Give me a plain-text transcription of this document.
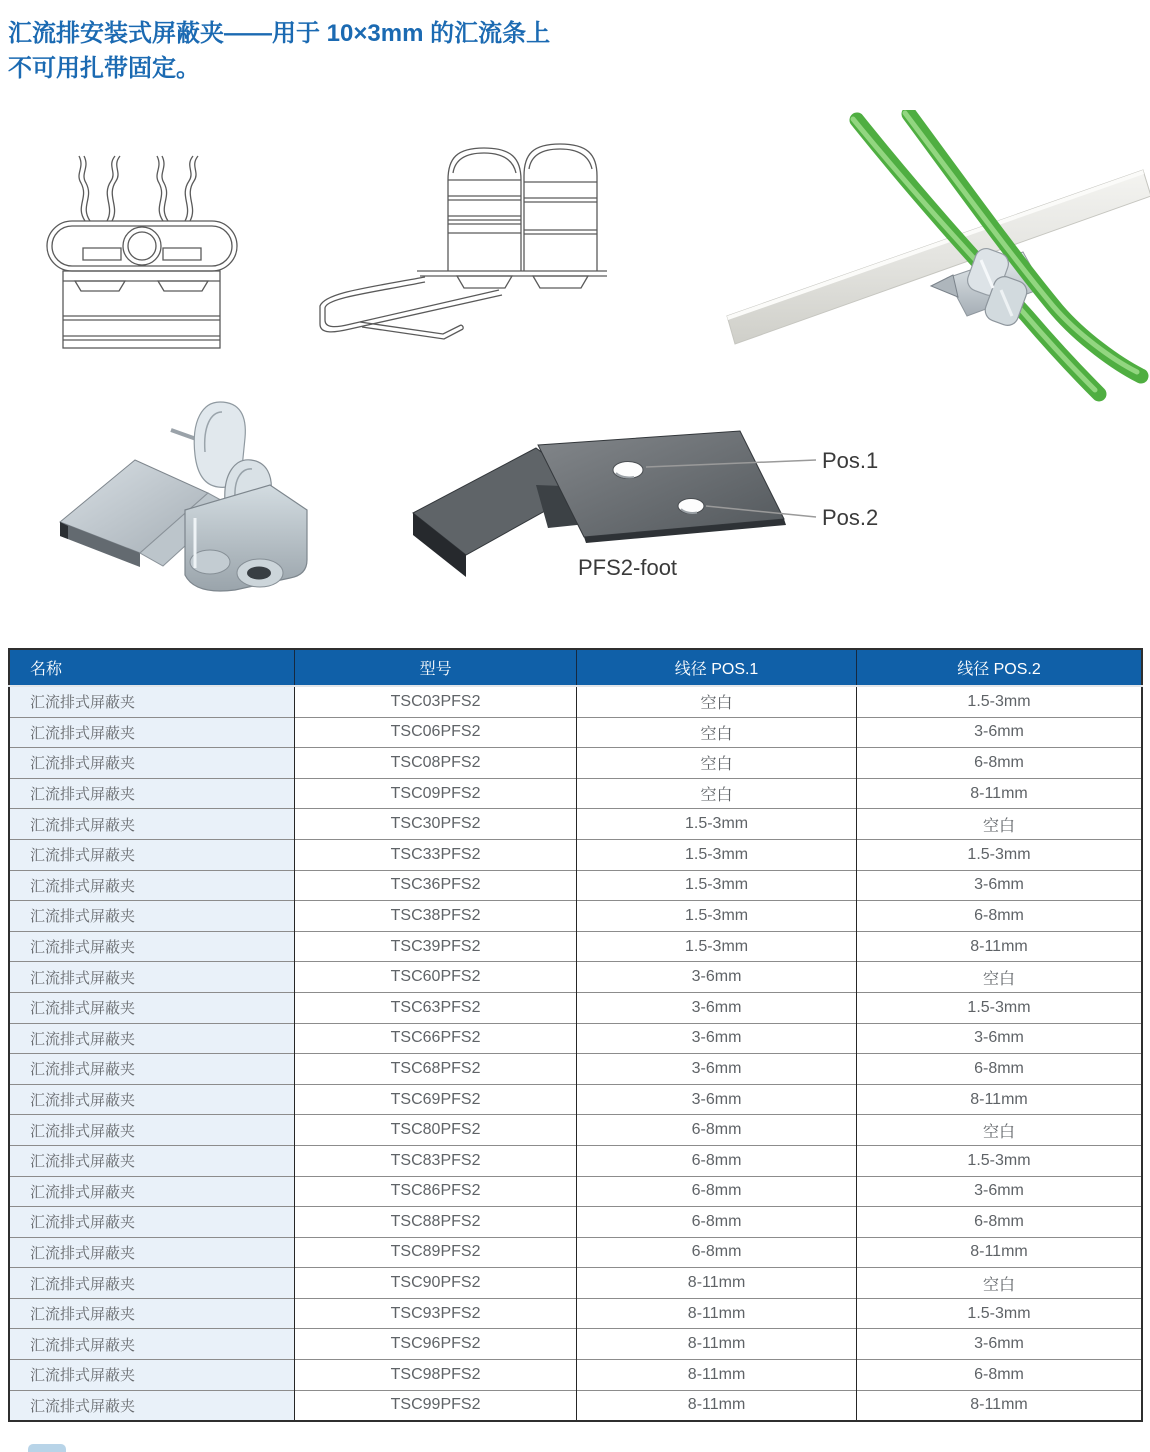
汇流排安装式屏蔽夹——用于 10×3mm 的汇流条上
不可用扎带固定。
Pos.1
Pos.2
PFS2-foot
名称	型号	线径 POS.1	线径 POS.2
汇流排式屏蔽夹	TSC03PFS2	空白	1.5-3mm
汇流排式屏蔽夹	TSC06PFS2	空白	3-6mm
汇流排式屏蔽夹	TSC08PFS2	空白	6-8mm
汇流排式屏蔽夹	TSC09PFS2	空白	8-11mm
汇流排式屏蔽夹	TSC30PFS2	1.5-3mm	空白
汇流排式屏蔽夹	TSC33PFS2	1.5-3mm	1.5-3mm
汇流排式屏蔽夹	TSC36PFS2	1.5-3mm	3-6mm
汇流排式屏蔽夹	TSC38PFS2	1.5-3mm	6-8mm
汇流排式屏蔽夹	TSC39PFS2	1.5-3mm	8-11mm
汇流排式屏蔽夹	TSC60PFS2	3-6mm	空白
汇流排式屏蔽夹	TSC63PFS2	3-6mm	1.5-3mm
汇流排式屏蔽夹	TSC66PFS2	3-6mm	3-6mm
汇流排式屏蔽夹	TSC68PFS2	3-6mm	6-8mm
汇流排式屏蔽夹	TSC69PFS2	3-6mm	8-11mm
汇流排式屏蔽夹	TSC80PFS2	6-8mm	空白
汇流排式屏蔽夹	TSC83PFS2	6-8mm	1.5-3mm
汇流排式屏蔽夹	TSC86PFS2	6-8mm	3-6mm
汇流排式屏蔽夹	TSC88PFS2	6-8mm	6-8mm
汇流排式屏蔽夹	TSC89PFS2	6-8mm	8-11mm
汇流排式屏蔽夹	TSC90PFS2	8-11mm	空白
汇流排式屏蔽夹	TSC93PFS2	8-11mm	1.5-3mm
汇流排式屏蔽夹	TSC96PFS2	8-11mm	3-6mm
汇流排式屏蔽夹	TSC98PFS2	8-11mm	6-8mm
汇流排式屏蔽夹	TSC99PFS2	8-11mm	8-11mm
